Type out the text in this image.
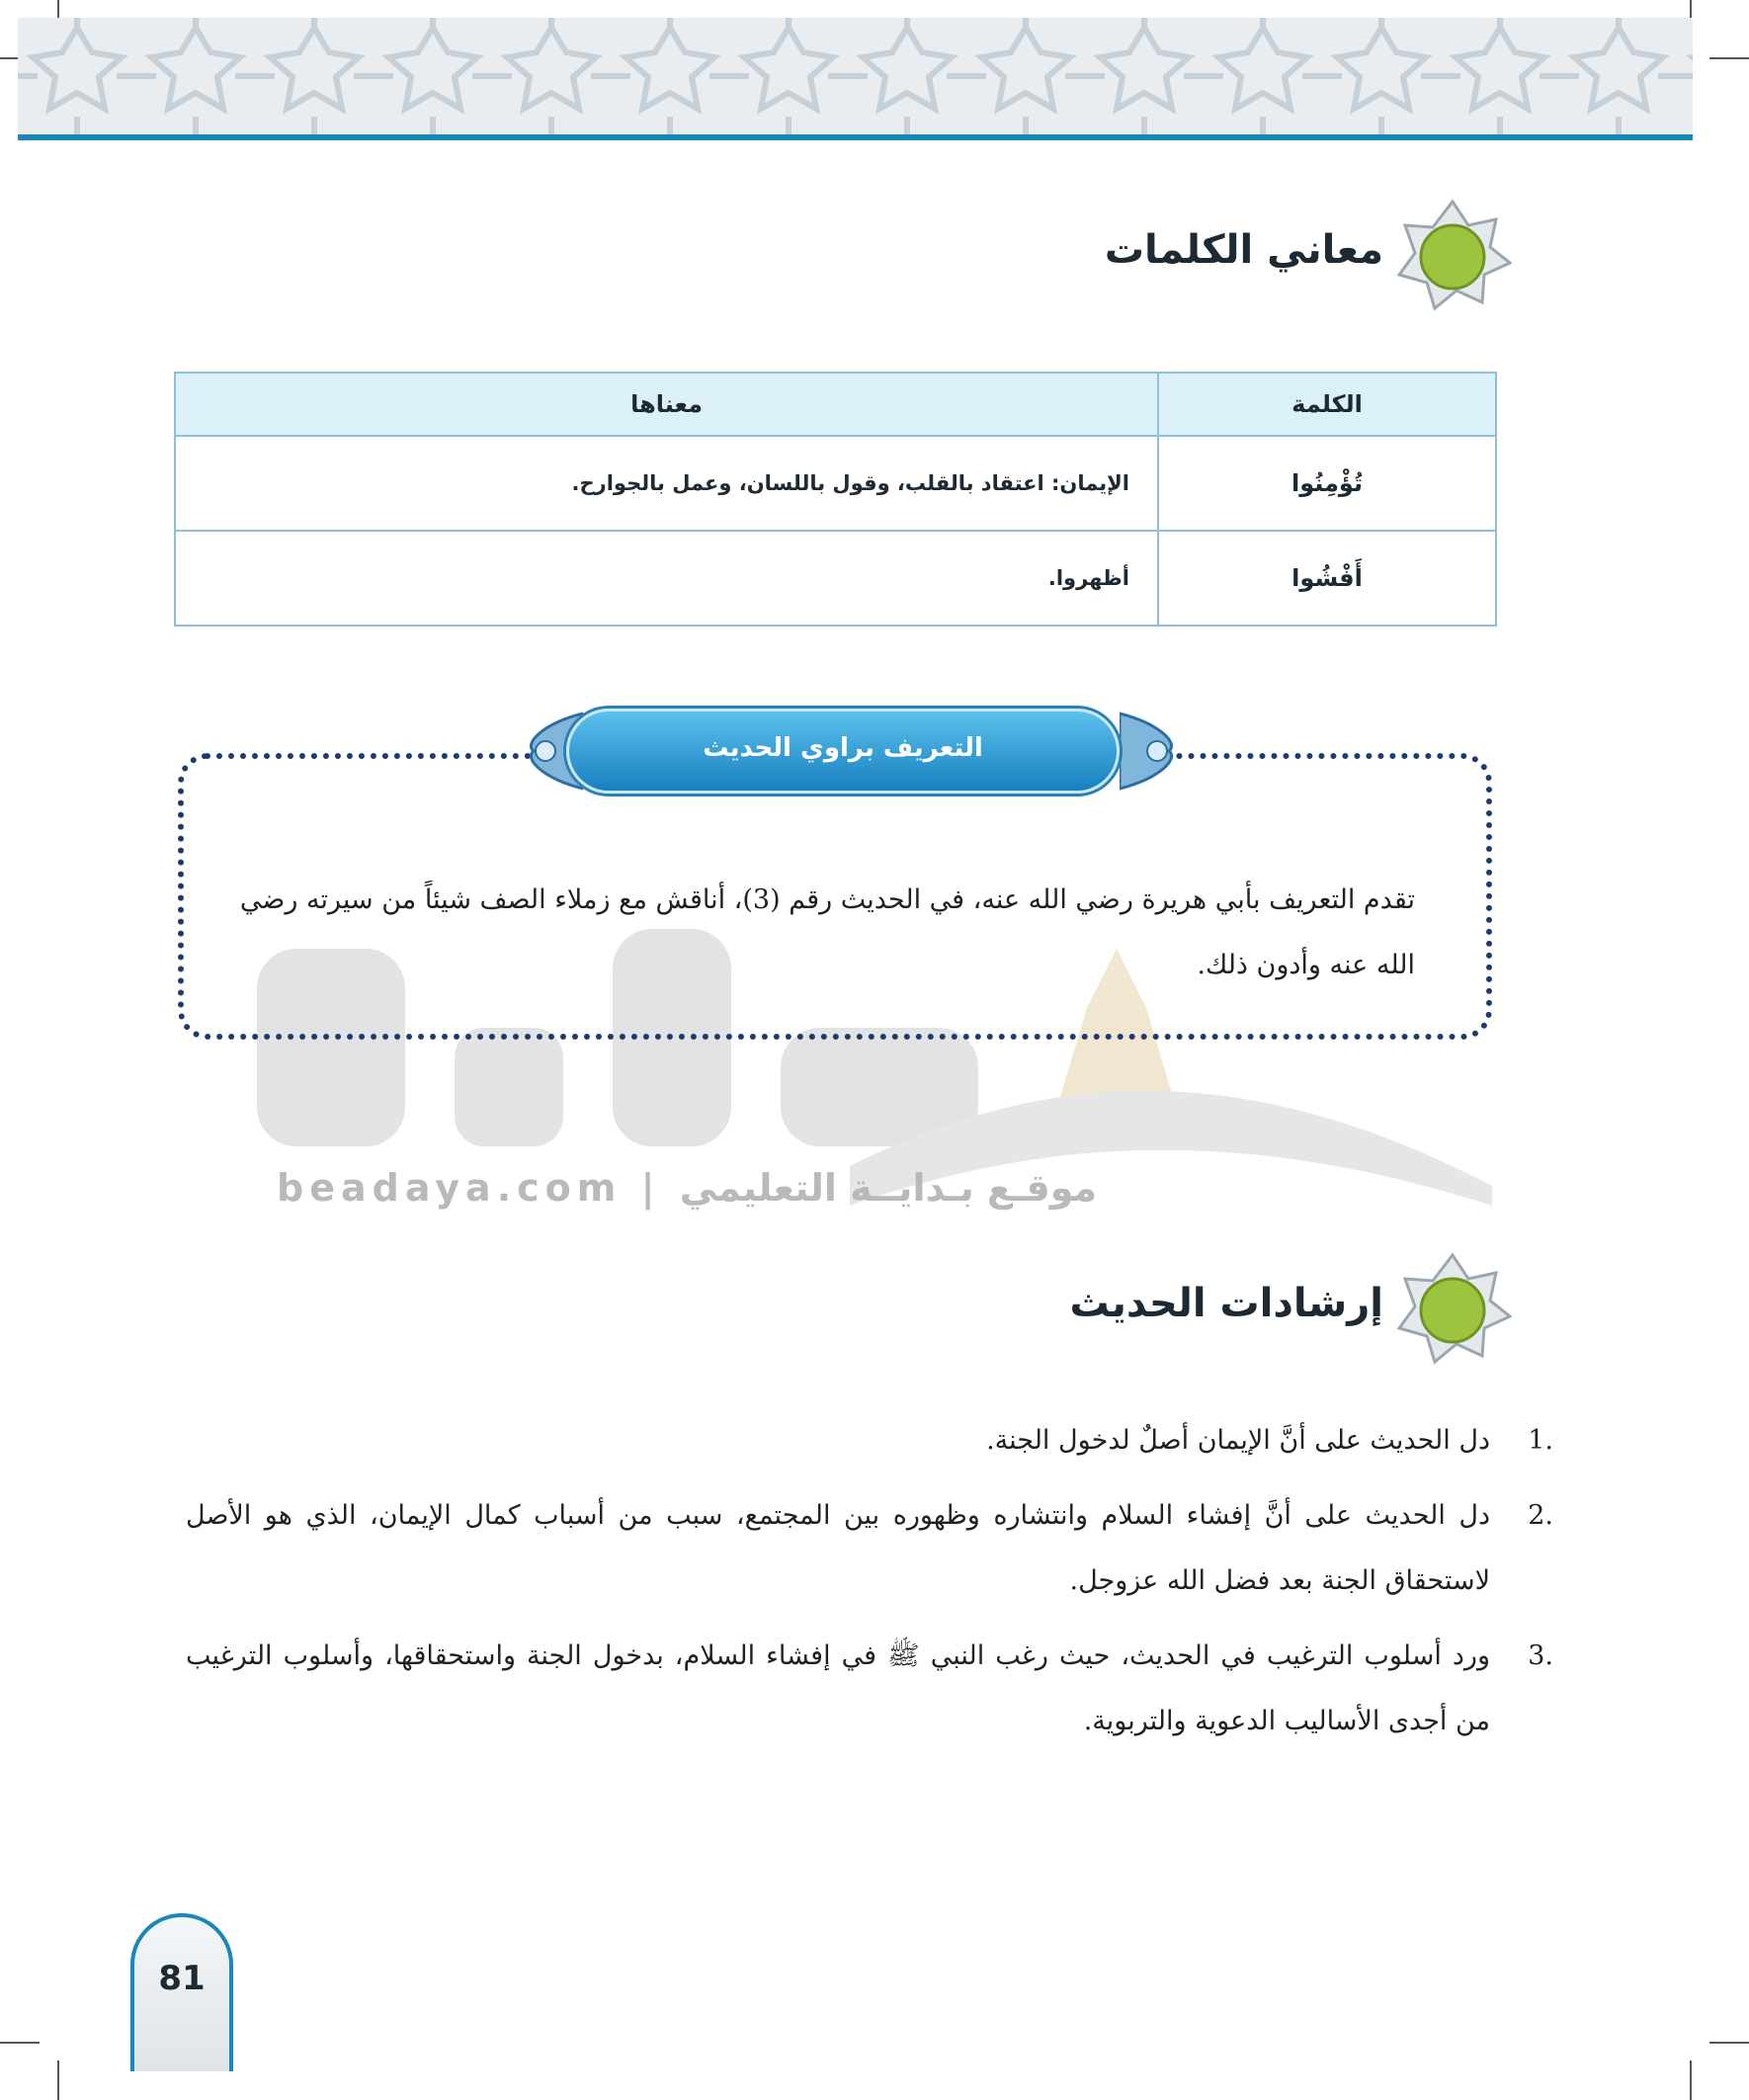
معاني الكلمات
الكلمة	معناها
تُؤْمِنُوا	الإيمان: اعتقاد بالقلب، وقول باللسان، وعمل بالجوارح.
أَفْشُوا	أظهروا.
beadaya.com | موقـع بـدايــة التعليمي
التعريف براوي الحديث
تقدم التعريف بأبي هريرة رضي الله عنه، في الحديث رقم (3)، أناقش مع زملاء الصف شيئاً من سيرته رضي الله عنه وأدون ذلك.
إرشادات الحديث
.1
دل الحديث على أنَّ الإيمان أصلٌ لدخول الجنة.
.2
دل الحديث على أنَّ إفشاء السلام وانتشاره وظهوره بين المجتمع، سبب من أسباب كمال الإيمان، الذي هو الأصل لاستحقاق الجنة بعد فضل الله عزوجل.
.3
ورد أسلوب الترغيب في الحديث، حيث رغب النبي ﷺ في إفشاء السلام، بدخول الجنة واستحقاقها، وأسلوب الترغيب من أجدى الأساليب الدعوية والتربوية.
81
